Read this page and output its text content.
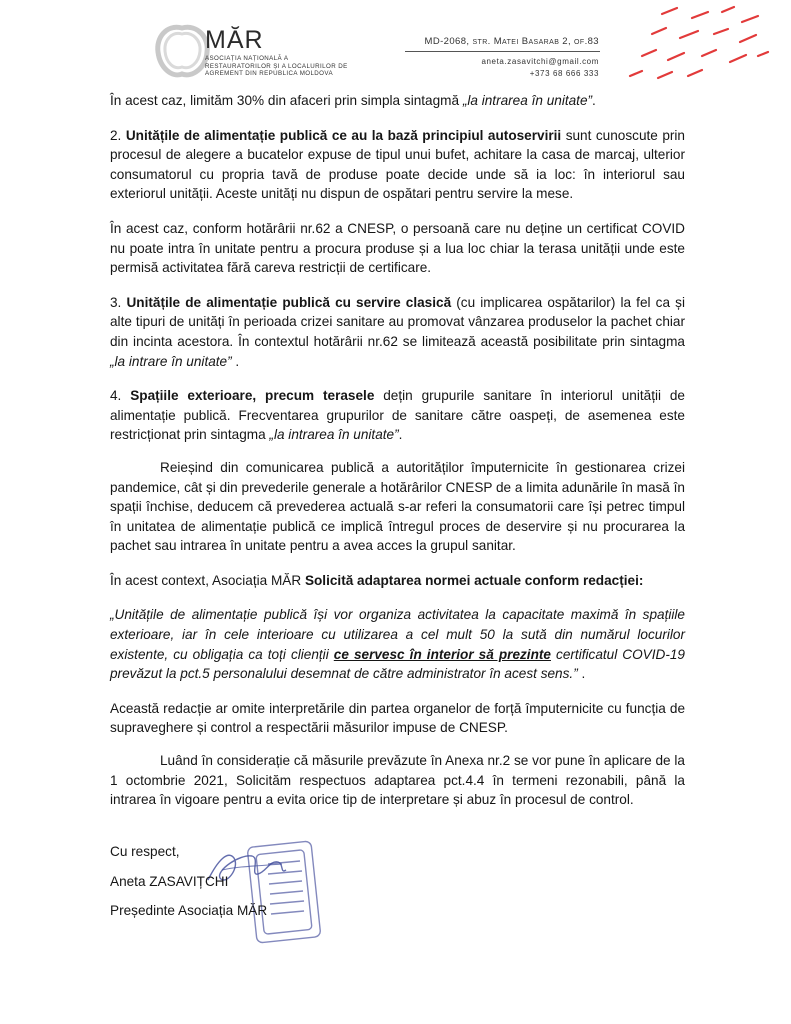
MĂR
ASOCIAȚIA NAȚIONALĂ A RESTAURATORILOR ȘI A LOCALURILOR DE AGREMENT DIN REPUBLICA MOLDOVA
MD-2068, str. Matei Basarab 2, of.83
aneta.zasavitchi@gmail.com
+373 68 666 333

În acest caz, limităm 30% din afaceri prin simpla sintagmă „la intrarea în unitate”.

2. Unitățile de alimentație publică ce au la bază principiul autoservirii sunt cunoscute prin procesul de alegere a bucatelor expuse de tipul unui bufet, achitare la casa de marcaj, ulterior consumatorul cu propria tavă de produse poate decide unde să ia loc: în interiorul sau exteriorul unității. Aceste unități nu dispun de ospătari pentru servire la mese.

În acest caz, conform hotărârii nr.62 a CNESP, o persoană care nu deține un certificat COVID nu poate intra în unitate pentru a procura produse și a lua loc chiar la terasa unității unde este permisă activitatea fără careva restricții de certificare.

3. Unitățile de alimentație publică cu servire clasică (cu implicarea ospătarilor) la fel ca și alte tipuri de unități în perioada crizei sanitare au promovat vânzarea produselor la pachet chiar din incinta acestora. În contextul hotărârii nr.62 se limitează această posibilitate prin sintagma „la intrare în unitate” .

4. Spațiile exterioare, precum terasele dețin grupurile sanitare în interiorul unității de alimentație publică. Frecventarea grupurilor de sanitare către oaspeți, de asemenea este restricționat prin sintagma „la intrarea în unitate”.

Reieșind din comunicarea publică a autorităților împuternicite în gestionarea crizei pandemice, cât și din prevederile generale a hotărârilor CNESP de a limita adunările în masă în spații închise, deducem că prevederea actuală s-ar referi la consumatorii care își petrec timpul în unitatea de alimentație publică ce implică întregul proces de deservire și nu procurarea la pachet sau intrarea în unitate pentru a avea acces la grupul sanitar.

În acest context, Asociația MĂR Solicită adaptarea normei actuale conform redacției:

„Unitățile de alimentație publică își vor organiza activitatea la capacitate maximă în spațiile exterioare, iar în cele interioare cu utilizarea a cel mult 50 la sută din numărul locurilor existente, cu obligația ca toți clienții ce servesc în interior să prezinte certificatul COVID-19 prevăzut la pct.5 personalului desemnat de către administrator în acest sens.” .

Această redacție ar omite interpretările din partea organelor de forță împuternicite cu funcția de supraveghere și control a respectării măsurilor impuse de CNESP.

Luând în considerație că măsurile prevăzute în Anexa nr.2 se vor pune în aplicare de la 1 octombrie 2021, Solicităm respectuos adaptarea pct.4.4 în termeni rezonabili, până la intrarea în vigoare pentru a evita orice tip de interpretare și abuz în procesul de control.

Cu respect,
Aneta ZASAVIȚCHI
Președinte Asociația MĂR
